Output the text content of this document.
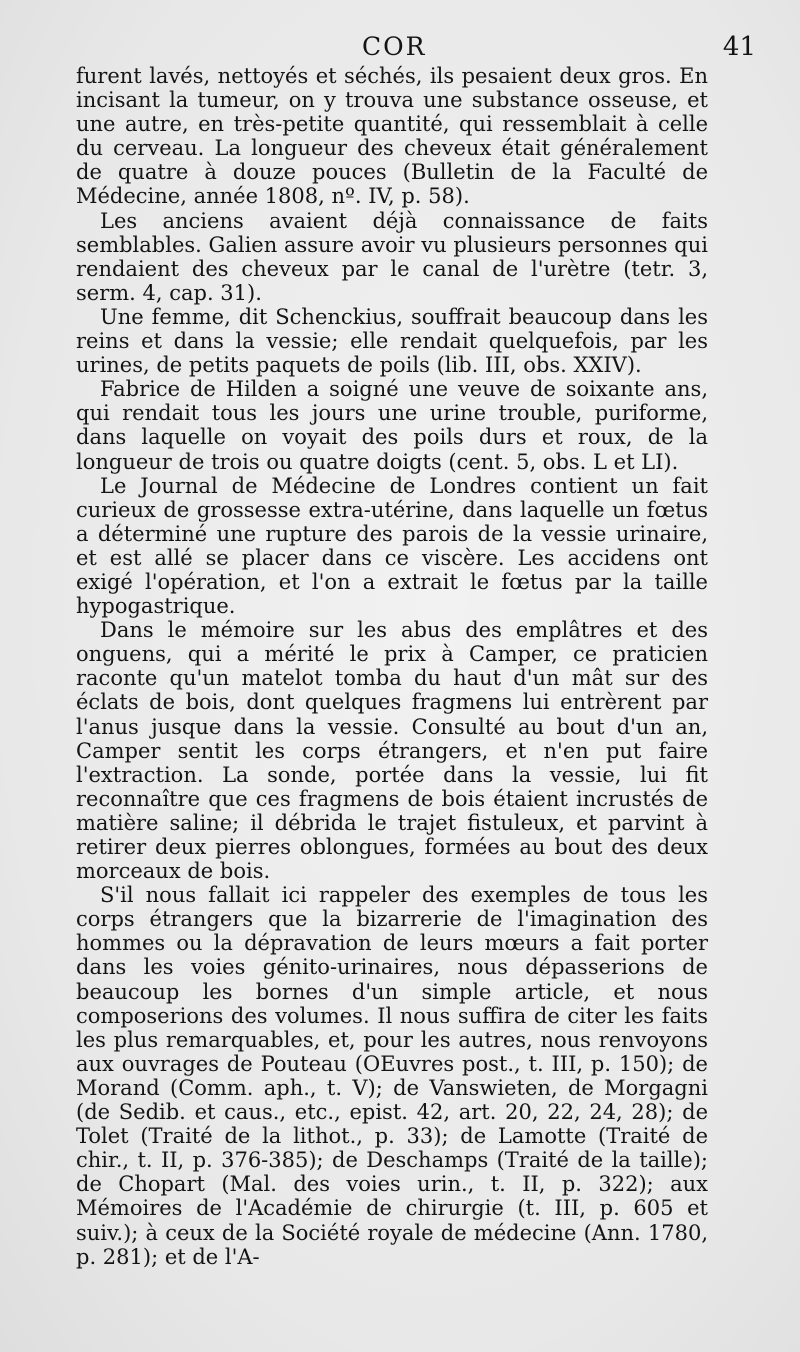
COR	41

furent lavés, nettoyés et séchés, ils pesaient deux gros. En incisant la tumeur, on y trouva une substance osseuse, et une autre, en très-petite quantité, qui ressemblait à celle du cerveau. La longueur des cheveux était généralement de quatre à douze pouces (Bulletin de la Faculté de Médecine, année 1808, nº. IV, p. 58).

Les anciens avaient déjà connaissance de faits semblables. Galien assure avoir vu plusieurs personnes qui rendaient des cheveux par le canal de l'urètre (tetr. 3, serm. 4, cap. 31).

Une femme, dit Schenckius, souffrait beaucoup dans les reins et dans la vessie; elle rendait quelquefois, par les urines, de petits paquets de poils (lib. III, obs. XXIV).

Fabrice de Hilden a soigné une veuve de soixante ans, qui rendait tous les jours une urine trouble, puriforme, dans laquelle on voyait des poils durs et roux, de la longueur de trois ou quatre doigts (cent. 5, obs. L et LI).

Le Journal de Médecine de Londres contient un fait curieux de grossesse extra-utérine, dans laquelle un fœtus a déterminé une rupture des parois de la vessie urinaire, et est allé se placer dans ce viscère. Les accidens ont exigé l'opération, et l'on a extrait le fœtus par la taille hypogastrique.

Dans le mémoire sur les abus des emplâtres et des onguens, qui a mérité le prix à Camper, ce praticien raconte qu'un matelot tomba du haut d'un mât sur des éclats de bois, dont quelques fragmens lui entrèrent par l'anus jusque dans la vessie. Consulté au bout d'un an, Camper sentit les corps étrangers, et n'en put faire l'extraction. La sonde, portée dans la vessie, lui fit reconnaître que ces fragmens de bois étaient incrustés de matière saline; il débrida le trajet fistuleux, et parvint à retirer deux pierres oblongues, formées au bout des deux morceaux de bois.

S'il nous fallait ici rappeler des exemples de tous les corps étrangers que la bizarrerie de l'imagination des hommes ou la dépravation de leurs mœurs a fait porter dans les voies génito-urinaires, nous dépasserions de beaucoup les bornes d'un simple article, et nous composerions des volumes. Il nous suffira de citer les faits les plus remarquables, et, pour les autres, nous renvoyons aux ouvrages de Pouteau (OEuvres post., t. III, p. 150); de Morand (Comm. aph., t. V); de Vanswieten, de Morgagni (de Sedib. et caus., etc., epist. 42, art. 20, 22, 24, 28); de Tolet (Traité de la lithot., p. 33); de Lamotte (Traité de chir., t. II, p. 376-385); de Deschamps (Traité de la taille); de Chopart (Mal. des voies urin., t. II, p. 322); aux Mémoires de l'Académie de chirurgie (t. III, p. 605 et suiv.); à ceux de la Société royale de médecine (Ann. 1780, p. 281); et de l'A-
